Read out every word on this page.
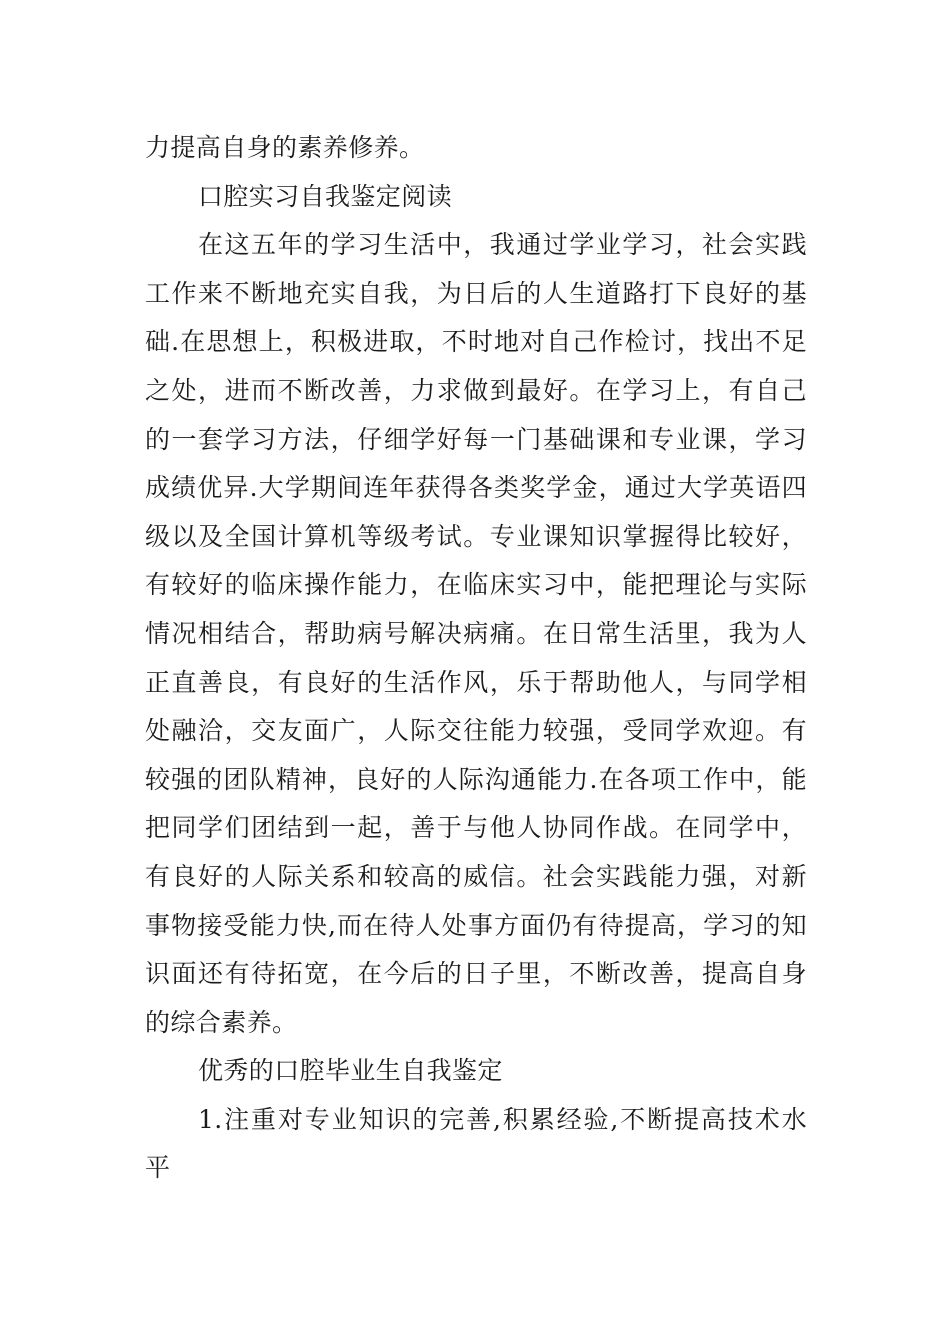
力提高自身的素养修养。
口腔实习自我鉴定阅读
在这五年的学习生活中，我通过学业学习，社会实践
工作来不断地充实自我，为日后的人生道路打下良好的基
础.在思想上，积极进取，不时地对自己作检讨，找出不足
之处，进而不断改善，力求做到最好。在学习上，有自己
的一套学习方法，仔细学好每一门基础课和专业课，学习
成绩优异.大学期间连年获得各类奖学金，通过大学英语四
级以及全国计算机等级考试。专业课知识掌握得比较好，
有较好的临床操作能力，在临床实习中，能把理论与实际
情况相结合，帮助病号解决病痛。在日常生活里，我为人
正直善良，有良好的生活作风，乐于帮助他人，与同学相
处融洽，交友面广，人际交往能力较强，受同学欢迎。有
较强的团队精神，良好的人际沟通能力.在各项工作中，能
把同学们团结到一起，善于与他人协同作战。在同学中，
有良好的人际关系和较高的威信。社会实践能力强，对新
事物接受能力快,而在待人处事方面仍有待提高，学习的知
识面还有待拓宽，在今后的日子里，不断改善，提高自身
的综合素养。
优秀的口腔毕业生自我鉴定
1.注重对专业知识的完善,积累经验,不断提高技术水
平
